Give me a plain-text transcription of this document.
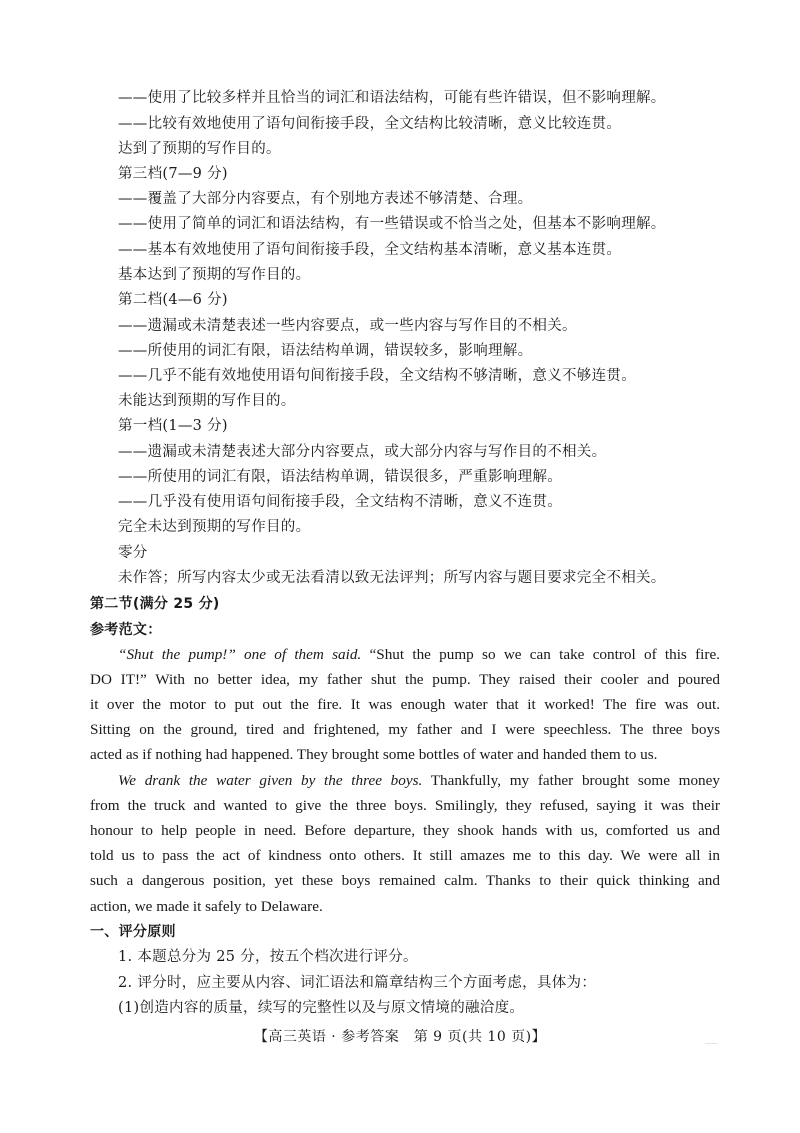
——使用了比较多样并且恰当的词汇和语法结构，可能有些许错误，但不影响理解。
——比较有效地使用了语句间衔接手段，全文结构比较清晰，意义比较连贯。
达到了预期的写作目的。
第三档(7—9 分)
——覆盖了大部分内容要点，有个别地方表述不够清楚、合理。
——使用了简单的词汇和语法结构，有一些错误或不恰当之处，但基本不影响理解。
——基本有效地使用了语句间衔接手段，全文结构基本清晰，意义基本连贯。
基本达到了预期的写作目的。
第二档(4—6 分)
——遗漏或未清楚表述一些内容要点，或一些内容与写作目的不相关。
——所使用的词汇有限，语法结构单调，错误较多，影响理解。
——几乎不能有效地使用语句间衔接手段，全文结构不够清晰，意义不够连贯。
未能达到预期的写作目的。
第一档(1—3 分)
——遗漏或未清楚表述大部分内容要点，或大部分内容与写作目的不相关。
——所使用的词汇有限，语法结构单调，错误很多，严重影响理解。
——几乎没有使用语句间衔接手段，全文结构不清晰，意义不连贯。
完全未达到预期的写作目的。
零分
未作答；所写内容太少或无法看清以致无法评判；所写内容与题目要求完全不相关。
第二节(满分 25 分)
参考范文：
“Shut the pump!” one of them said. “Shut the pump so we can take control of this fire.
DO IT!” With no better idea, my father shut the pump. They raised their cooler and poured
it over the motor to put out the fire. It was enough water that it worked! The fire was out.
Sitting on the ground, tired and frightened, my father and I were speechless. The three boys
acted as if nothing had happened. They brought some bottles of water and handed them to us.
We drank the water given by the three boys. Thankfully, my father brought some money
from the truck and wanted to give the three boys. Smilingly, they refused, saying it was their
honour to help people in need. Before departure, they shook hands with us, comforted us and
told us to pass the act of kindness onto others. It still amazes me to this day. We were all in
such a dangerous position, yet these boys remained calm. Thanks to their quick thinking and
action, we made it safely to Delaware.
一、评分原则
1. 本题总分为 25 分，按五个档次进行评分。
2. 评分时，应主要从内容、词汇语法和篇章结构三个方面考虑，具体为：
(1)创造内容的质量，续写的完整性以及与原文情境的融洽度。
【高三英语 · 参考答案　第 9 页(共 10 页)】	——
